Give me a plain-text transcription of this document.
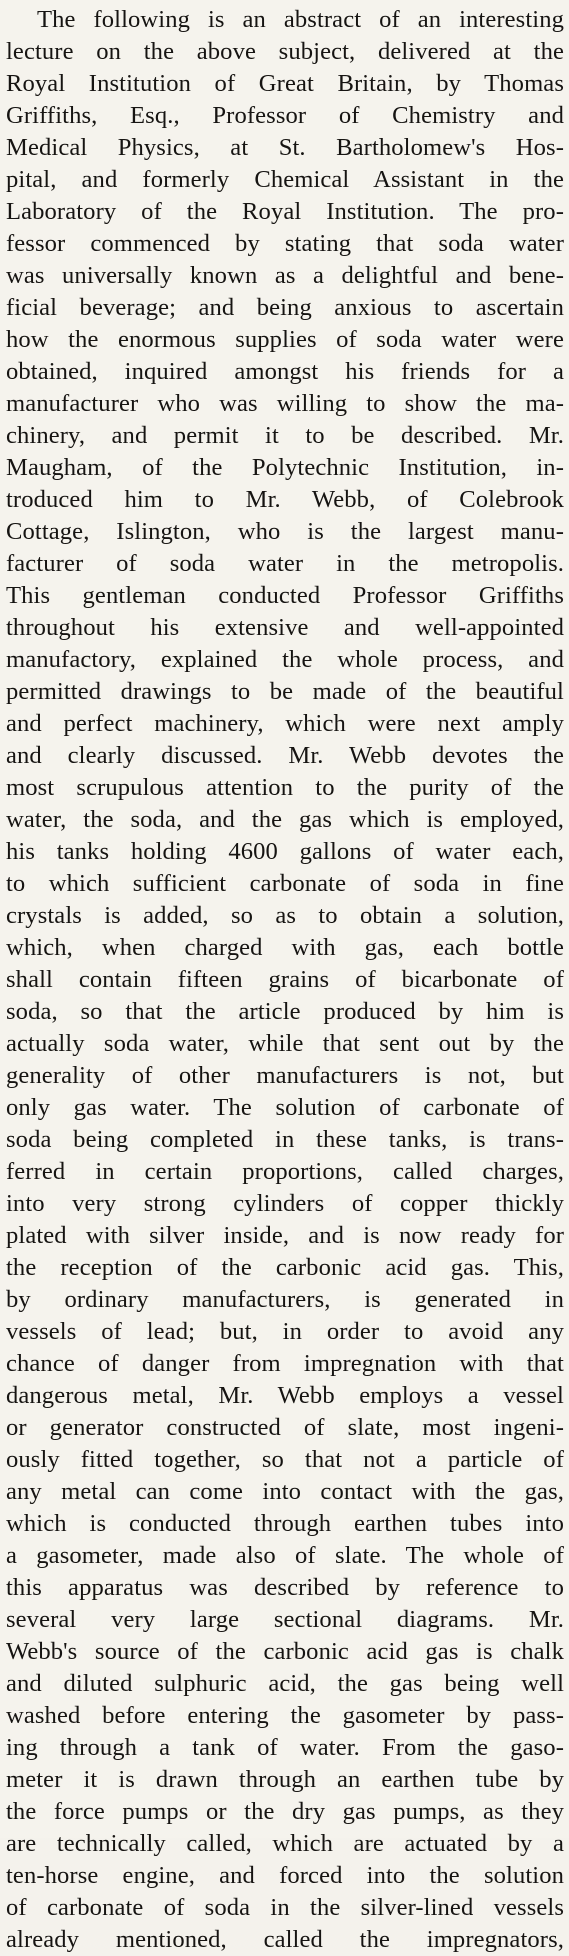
The following is an abstract of an interesting
lecture on the above subject, delivered at the
Royal Institution of Great Britain, by Thomas
Griffiths, Esq., Professor of Chemistry and
Medical Physics, at St. Bartholomew's Hos-
pital, and formerly Chemical Assistant in the
Laboratory of the Royal Institution. The pro-
fessor commenced by stating that soda water
was universally known as a delightful and bene-
ficial beverage; and being anxious to ascertain
how the enormous supplies of soda water were
obtained, inquired amongst his friends for a
manufacturer who was willing to show the ma-
chinery, and permit it to be described. Mr.
Maugham, of the Polytechnic Institution, in-
troduced him to Mr. Webb, of Colebrook
Cottage, Islington, who is the largest manu-
facturer of soda water in the metropolis.
This gentleman conducted Professor Griffiths
throughout his extensive and well-appointed
manufactory, explained the whole process, and
permitted drawings to be made of the beautiful
and perfect machinery, which were next amply
and clearly discussed. Mr. Webb devotes the
most scrupulous attention to the purity of the
water, the soda, and the gas which is employed,
his tanks holding 4600 gallons of water each,
to which sufficient carbonate of soda in fine
crystals is added, so as to obtain a solution,
which, when charged with gas, each bottle
shall contain fifteen grains of bicarbonate of
soda, so that the article produced by him is
actually soda water, while that sent out by the
generality of other manufacturers is not, but
only gas water. The solution of carbonate of
soda being completed in these tanks, is trans-
ferred in certain proportions, called charges,
into very strong cylinders of copper thickly
plated with silver inside, and is now ready for
the reception of the carbonic acid gas. This,
by ordinary manufacturers, is generated in
vessels of lead; but, in order to avoid any
chance of danger from impregnation with that
dangerous metal, Mr. Webb employs a vessel
or generator constructed of slate, most ingeni-
ously fitted together, so that not a particle of
any metal can come into contact with the gas,
which is conducted through earthen tubes into
a gasometer, made also of slate. The whole of
this apparatus was described by reference to
several very large sectional diagrams. Mr.
Webb's source of the carbonic acid gas is chalk
and diluted sulphuric acid, the gas being well
washed before entering the gasometer by pass-
ing through a tank of water. From the gaso-
meter it is drawn through an earthen tube by
the force pumps or the dry gas pumps, as they
are technically called, which are actuated by a
ten-horse engine, and forced into the solution
of carbonate of soda in the silver-lined vessels
already mentioned, called the impregnators,
